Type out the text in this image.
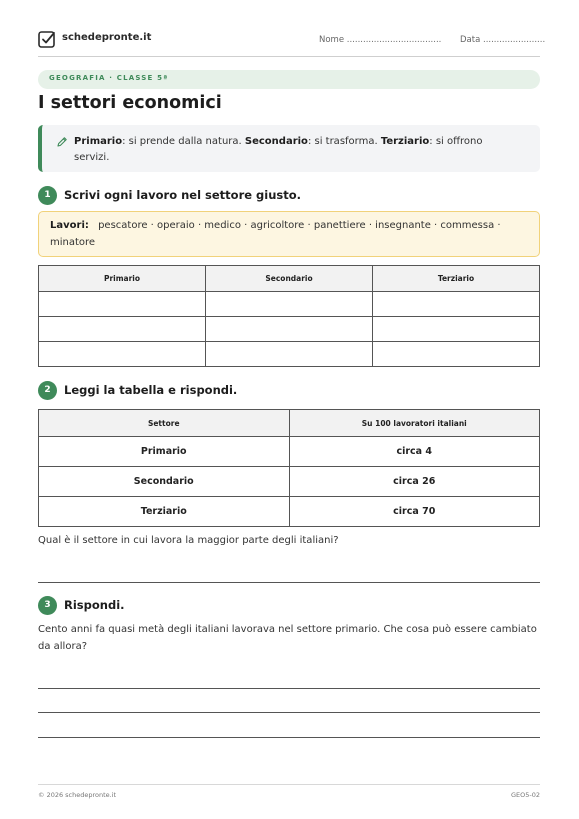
schedepronte.it	Nome ................................... Data .......................
GEOGRAFIA · CLASSE 5ª
I settori economici
Primario: si prende dalla natura. Secondario: si trasforma. Terziario: si offrono servizi.
1	Scrivi ogni lavoro nel settore giusto.
Lavori: pescatore · operaio · medico · agricoltore · panettiere · insegnante · commessa · minatore
Primario	Secondario	Terziario

2	Leggi la tabella e rispondi.
Settore	Su 100 lavoratori italiani
Primario	circa 4
Secondario	circa 26
Terziario	circa 70
Qual è il settore in cui lavora la maggior parte degli italiani?
3	Rispondi.
Cento anni fa quasi metà degli italiani lavorava nel settore primario. Che cosa può essere cambiato da allora?
© 2026 schedepronte.it	GEO5-02
